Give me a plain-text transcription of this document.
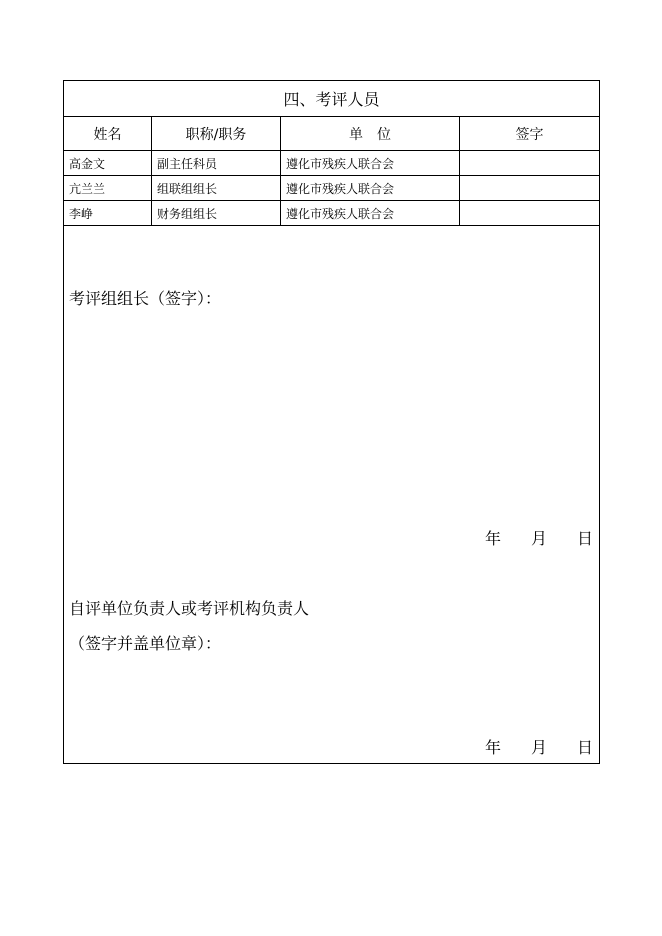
四、考评人员			
姓名	职称/职务	单　位	签字
高金文	副主任科员	遵化市残疾人联合会	
亢兰兰	组联组组长	遵化市残疾人联合会	
李峥	财务组组长	遵化市残疾人联合会	

考评组组长（签字）：
年 月 日
自评单位负责人或考评机构负责人
（签字并盖单位章）：
年 月 日			
